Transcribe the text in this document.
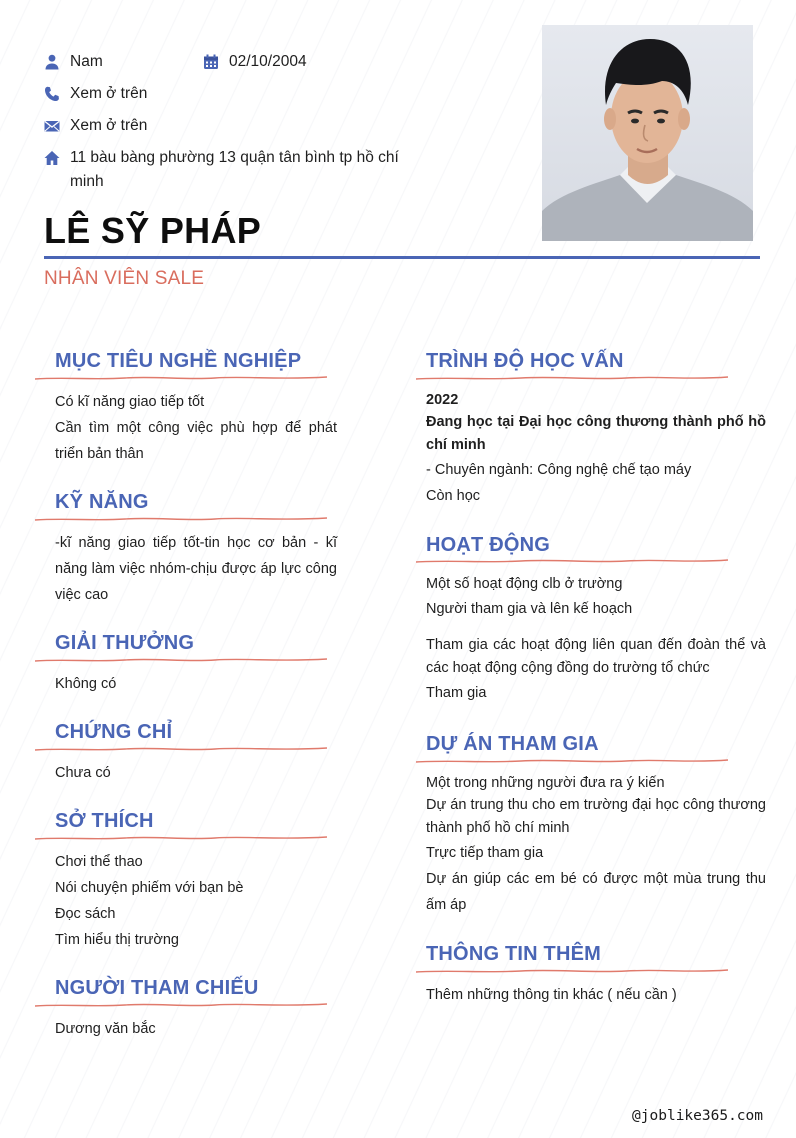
Nam	02/10/2004
Xem ở trên
Xem ở trên
11 bàu bàng phường 13 quận tân bình tp hồ chí minh
LÊ SỸ PHÁP
NHÂN VIÊN SALE
MỤC TIÊU NGHỀ NGHIỆP
Có kĩ năng giao tiếp tốt
Cần tìm một công việc phù hợp để phát triển bản thân
KỸ NĂNG
-kĩ năng giao tiếp tốt-tin học cơ bản - kĩ năng làm việc nhóm-chịu được áp lực công việc cao
GIẢI THƯỞNG
Không có
CHỨNG CHỈ
Chưa có
SỞ THÍCH
Chơi thể thao
Nói chuyện phiếm với bạn bè
Đọc sách
Tìm hiểu thị trường
NGƯỜI THAM CHIẾU
Dương văn bắc
TRÌNH ĐỘ HỌC VẤN
2022
Đang học tại Đại học công thương thành phố hồ chí minh
- Chuyên ngành: Công nghệ chế tạo máy
Còn học
HOẠT ĐỘNG
Một số hoạt động clb ở trường
Người tham gia và lên kế hoạch
Tham gia các hoạt động liên quan đến đoàn thể và các hoạt động cộng đồng do trường tổ chức
Tham gia
DỰ ÁN THAM GIA
Một trong những người đưa ra ý kiến
Dự án trung thu cho em trường đại học công thương thành phố hồ chí minh
Trực tiếp tham gia
Dự án giúp các em bé có được một mùa trung thu ấm áp
THÔNG TIN THÊM
Thêm những thông tin khác ( nếu cần )
@joblike365.com
